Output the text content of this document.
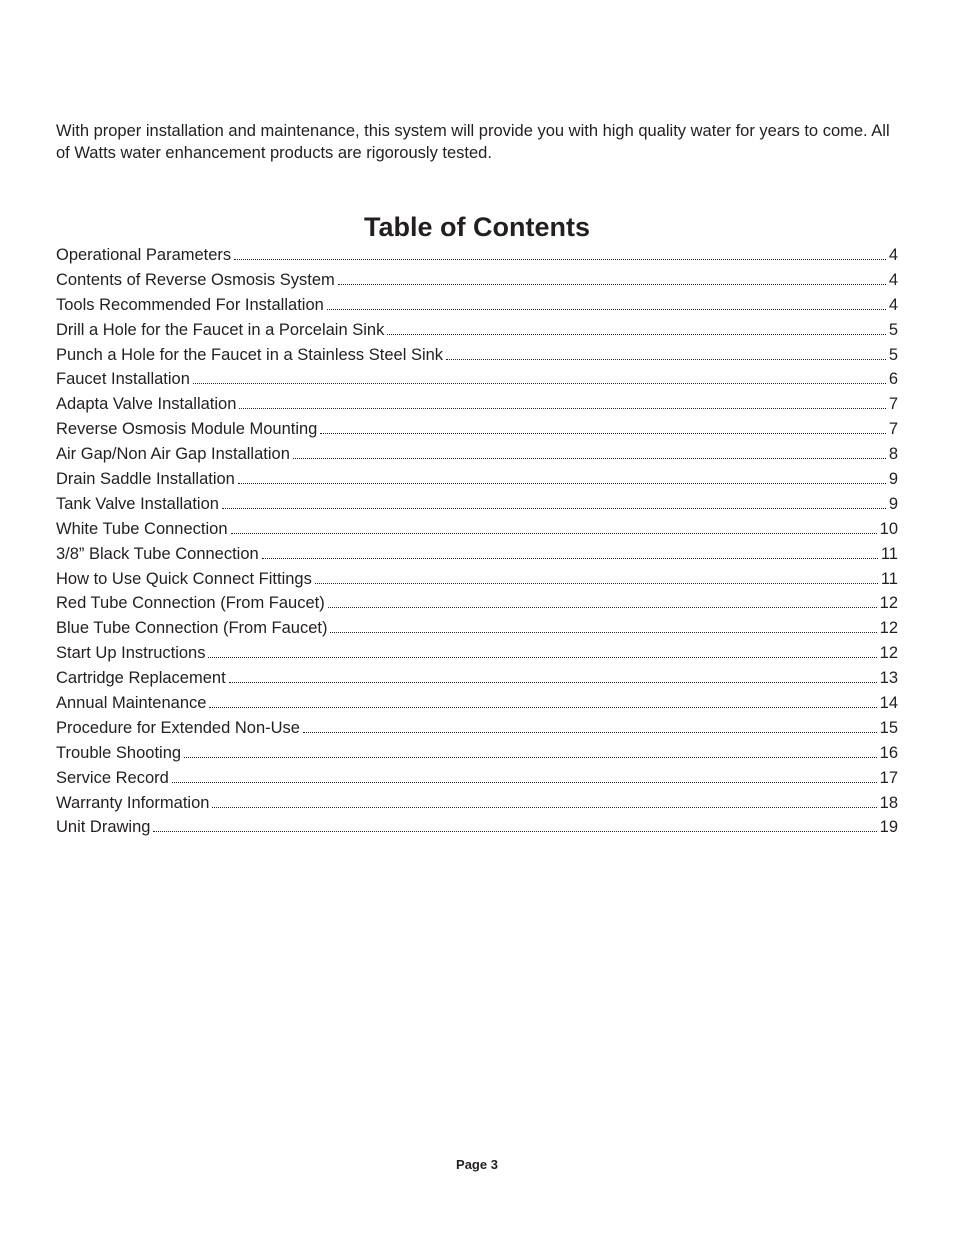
With proper installation and maintenance, this system will provide you with high quality water for years to come. All of Watts water enhancement products are rigorously tested.

Table of Contents
Operational Parameters	4
Contents of Reverse Osmosis System	4
Tools Recommended For Installation	4
Drill a Hole for the Faucet in a Porcelain Sink	5
Punch a Hole for the Faucet in a Stainless Steel Sink	5
Faucet Installation	6
Adapta Valve Installation	7
Reverse Osmosis Module Mounting	7
Air Gap/Non Air Gap Installation	8
Drain Saddle Installation	9
Tank Valve Installation	9
White Tube Connection	10
3/8” Black Tube Connection	11
How to Use Quick Connect Fittings	11
Red Tube Connection (From Faucet)	12
Blue Tube Connection (From Faucet)	12
Start Up Instructions	12
Cartridge Replacement	13
Annual Maintenance	14
Procedure for Extended Non-Use	15
Trouble Shooting	16
Service Record	17
Warranty Information	18
Unit Drawing	19

Page 3
